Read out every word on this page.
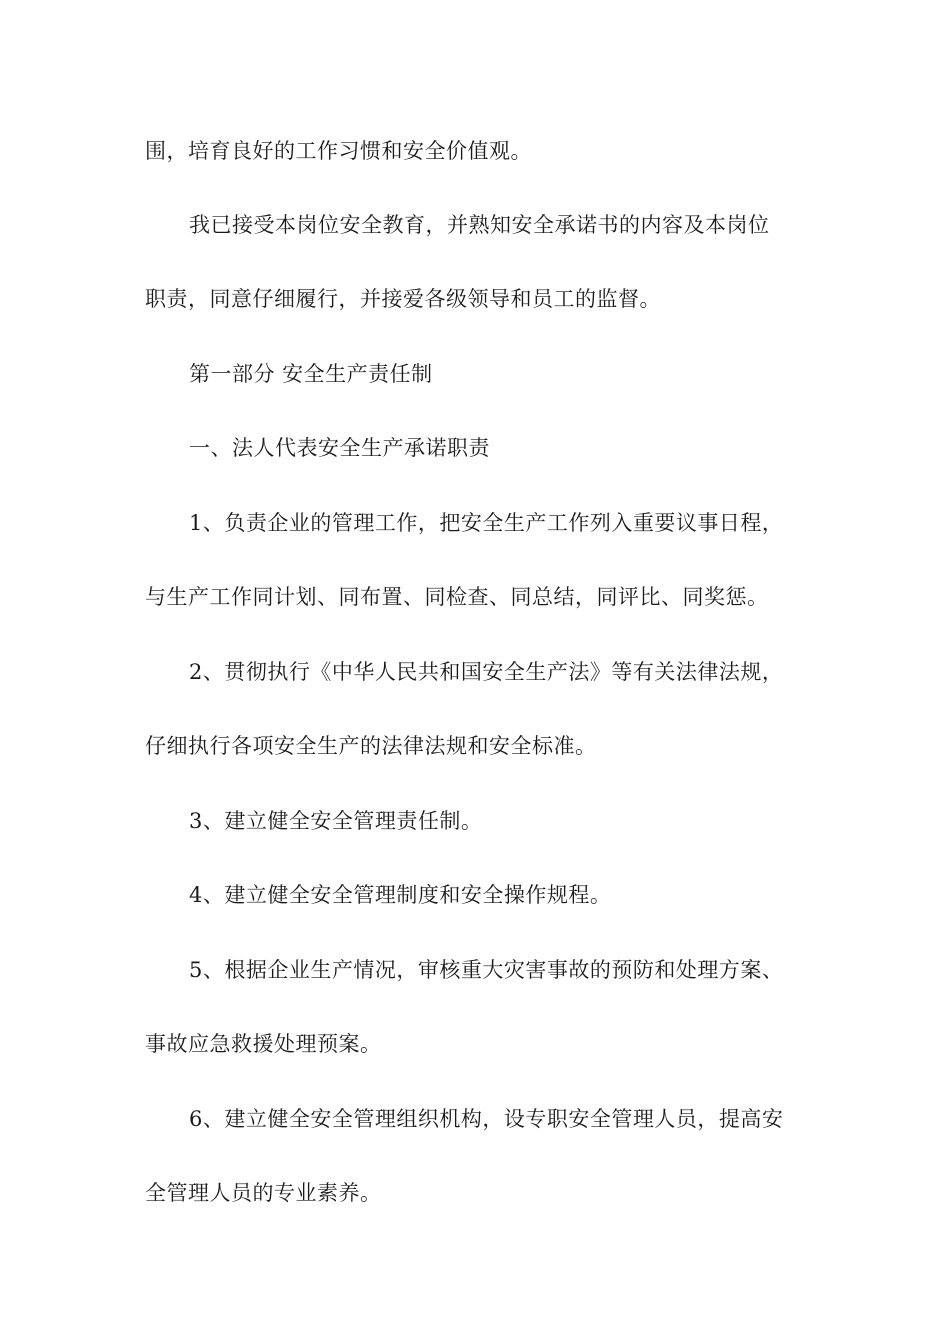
围，培育良好的工作习惯和安全价值观。
我已接受本岗位安全教育，并熟知安全承诺书的内容及本岗位
职责，同意仔细履行，并接爱各级领导和员工的监督。
第一部分 安全生产责任制
一、法人代表安全生产承诺职责
1、负责企业的管理工作，把安全生产工作列入重要议事日程，
与生产工作同计划、同布置、同检查、同总结，同评比、同奖惩。
2、贯彻执行《中华人民共和国安全生产法》等有关法律法规，
仔细执行各项安全生产的法律法规和安全标准。
3、建立健全安全管理责任制。
4、建立健全安全管理制度和安全操作规程。
5、根据企业生产情况，审核重大灾害事故的预防和处理方案、
事故应急救援处理预案。
6、建立健全安全管理组织机构，设专职安全管理人员，提高安
全管理人员的专业素养。
